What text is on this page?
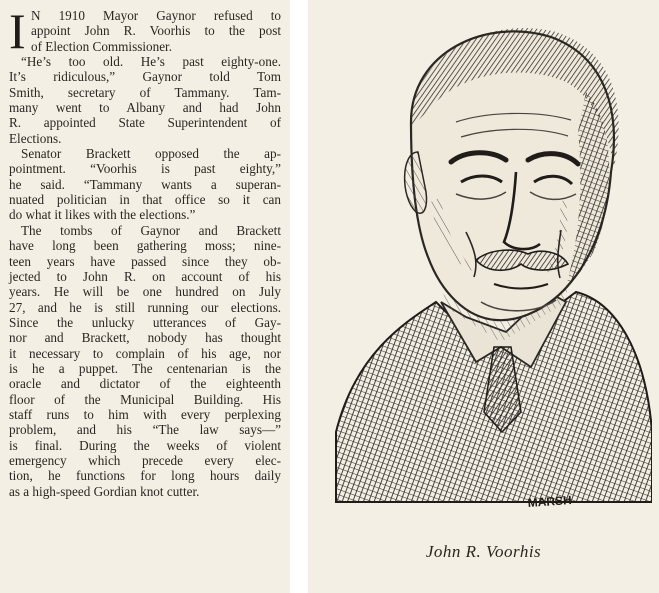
I N 1910 Mayor Gaynor refused to
appoint John R. Voorhis to the post
of Election Commissioner.
“He’s too old. He’s past eighty-one.
It’s ridiculous,” Gaynor told Tom
Smith, secretary of Tammany. Tam-
many went to Albany and had John
R. appointed State Superintendent of
Elections.
Senator Brackett opposed the ap-
pointment. “Voorhis is past eighty,”
he said. “Tammany wants a superan-
nuated politician in that office so it can
do what it likes with the elections.”
The tombs of Gaynor and Brackett
have long been gathering moss; nine-
teen years have passed since they ob-
jected to John R. on account of his
years. He will be one hundred on July
27, and he is still running our elections.
Since the unlucky utterances of Gay-
nor and Brackett, nobody has thought
it necessary to complain of his age, nor
is he a puppet. The centenarian is the
oracle and dictator of the eighteenth
floor of the Municipal Building. His
staff runs to him with every perplexing
problem, and his “The law says—”
is final. During the weeks of violent
emergency which precede every elec-
tion, he functions for long hours daily
as a high-speed Gordian knot cutter.
MARSH
John R. Voorhis
